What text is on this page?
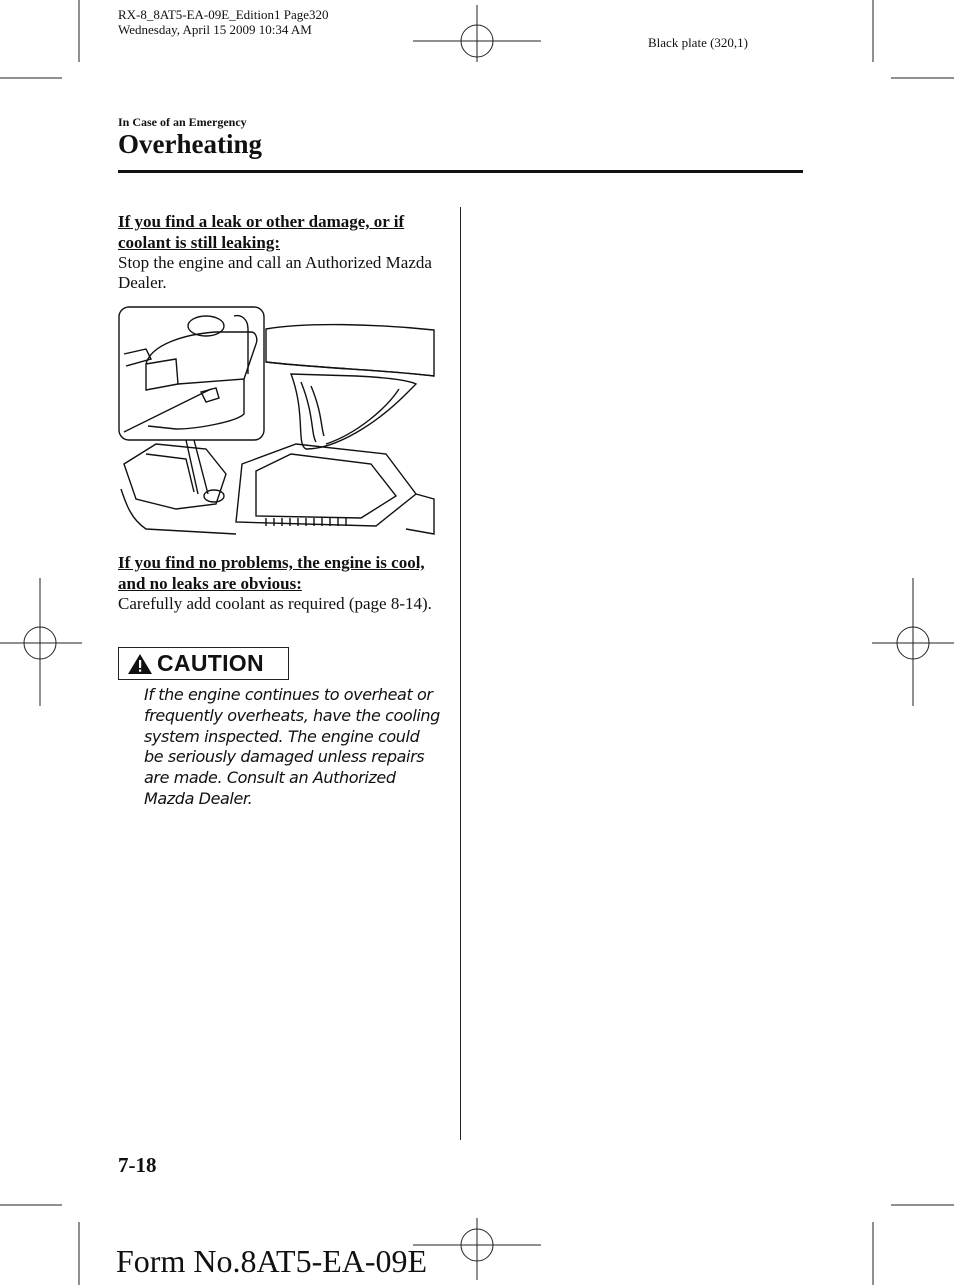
RX-8_8AT5-EA-09E_Edition1 Page320
Wednesday, April 15 2009 10:34 AM
Black plate (320,1)
In Case of an Emergency
Overheating
If you find a leak or other damage, or if coolant is still leaking:
Stop the engine and call an Authorized Mazda Dealer.
If you find no problems, the engine is cool, and no leaks are obvious:
Carefully add coolant as required (page 8-14).
CAUTION
If the engine continues to overheat or frequently overheats, have the cooling system inspected. The engine could be seriously damaged unless repairs are made. Consult an Authorized Mazda Dealer.
7-18
Form No.8AT5-EA-09E
